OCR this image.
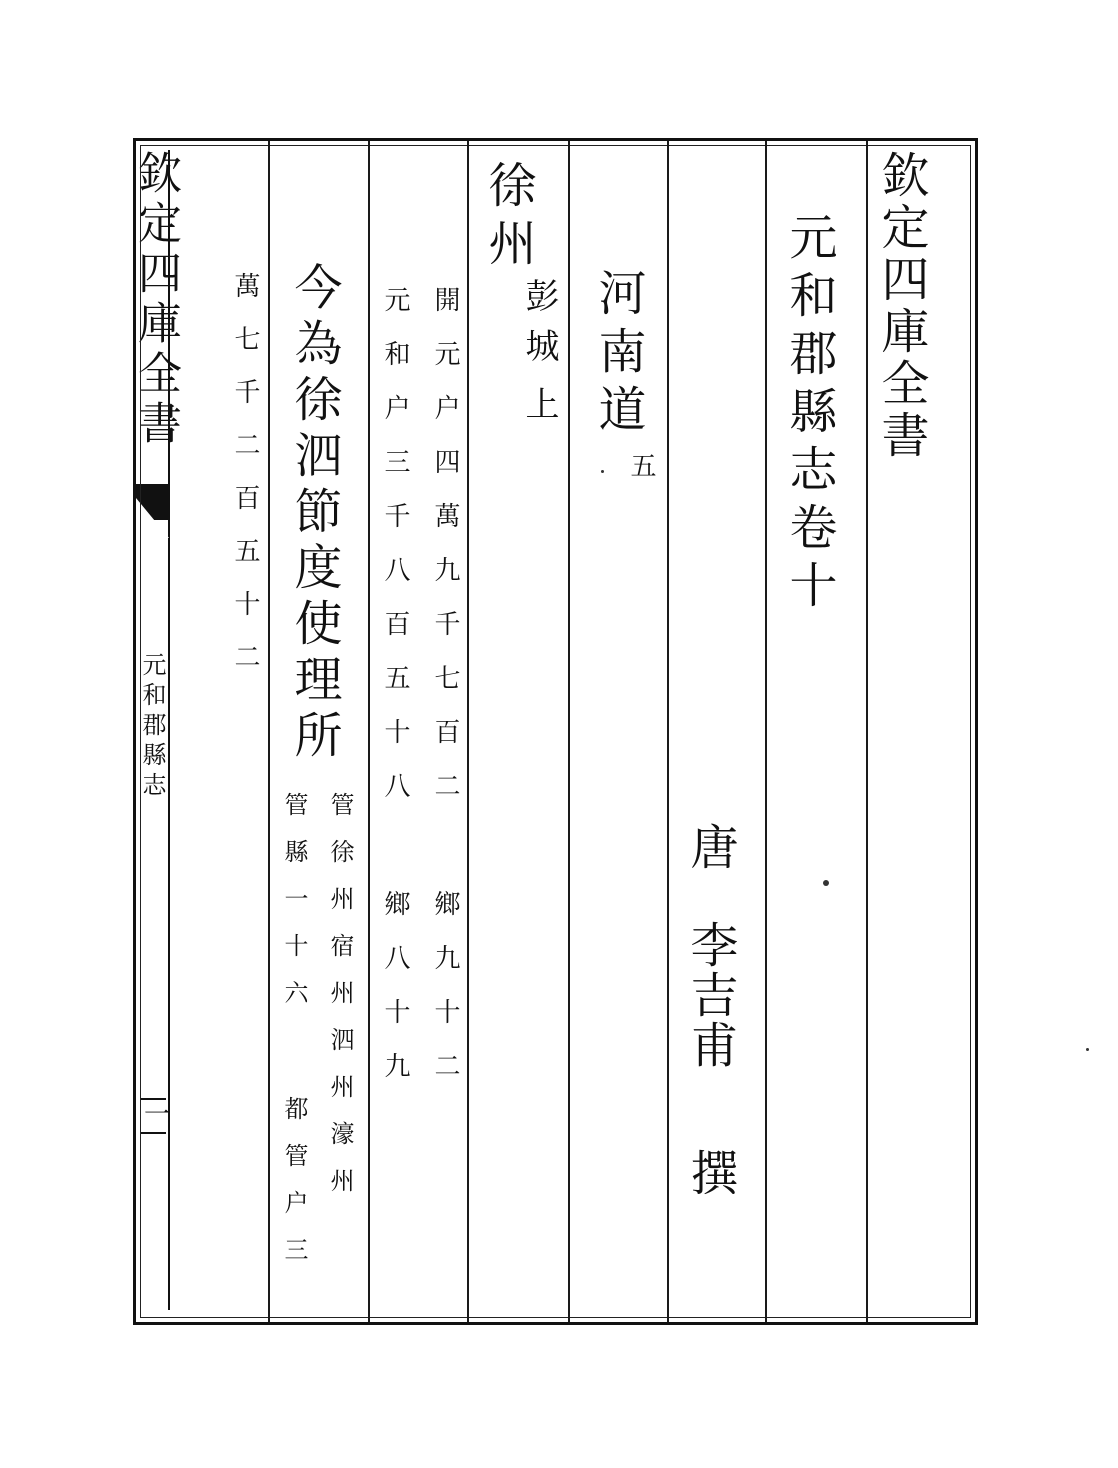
欽定四庫全書
元和郡縣志
一
欽定四庫全書
元和郡縣志卷十
唐
李吉甫
撰
河南道
五
徐州
彭城
上
開元户四萬九千七百二
元和户三千八百五十八
鄉九十二
鄉八十九
今為徐泗節度使理所
管徐州宿州泗州濠州
管縣一十六
都管户三
萬七千二百五十二
